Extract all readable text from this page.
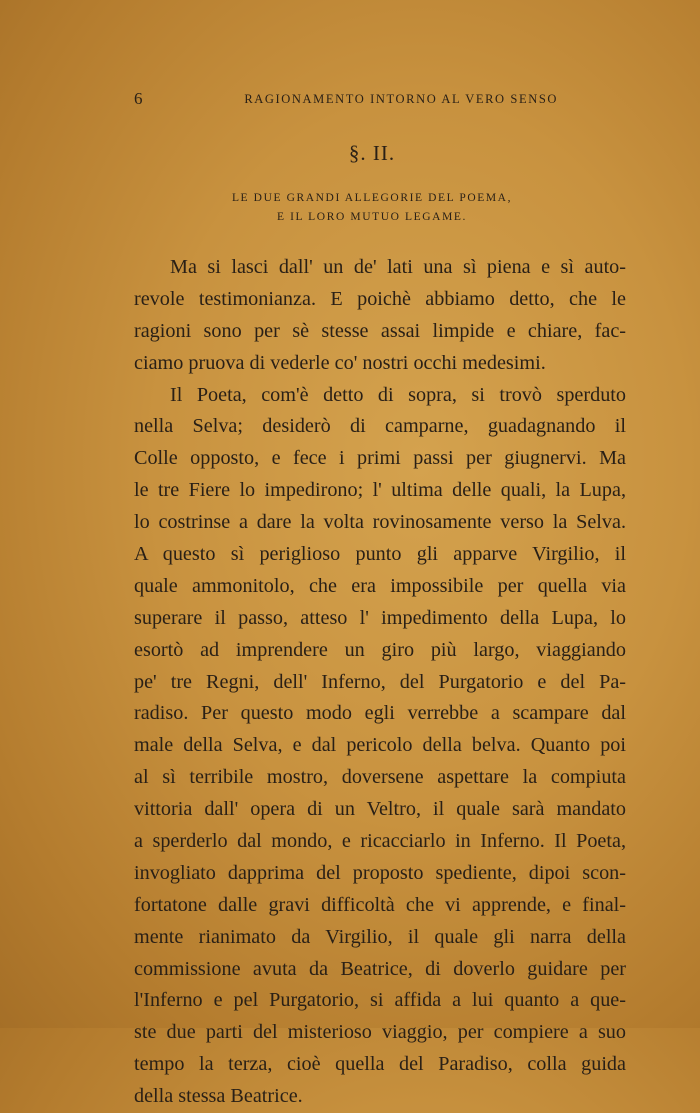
6	RAGIONAMENTO INTORNO AL VERO SENSO
§. II.
LE DUE GRANDI ALLEGORIE DEL POEMA,
E IL LORO MUTUO LEGAME.
Ma si lasci dall' un de' lati una sì piena e sì auto-
revole testimonianza. E poichè abbiamo detto, che le
ragioni sono per sè stesse assai limpide e chiare, fac-
ciamo pruova di vederle co' nostri occhi medesimi.
Il Poeta, com'è detto di sopra, si trovò sperduto
nella Selva; desiderò di camparne, guadagnando il
Colle opposto, e fece i primi passi per giugnervi. Ma
le tre Fiere lo impedirono; l' ultima delle quali, la Lupa,
lo costrinse a dare la volta rovinosamente verso la Selva.
A questo sì periglioso punto gli apparve Virgilio, il
quale ammonitolo, che era impossibile per quella via
superare il passo, atteso l' impedimento della Lupa, lo
esortò ad imprendere un giro più largo, viaggiando
pe' tre Regni, dell' Inferno, del Purgatorio e del Pa-
radiso. Per questo modo egli verrebbe a scampare dal
male della Selva, e dal pericolo della belva. Quanto poi
al sì terribile mostro, doversene aspettare la compiuta
vittoria dall' opera di un Veltro, il quale sarà mandato
a sperderlo dal mondo, e ricacciarlo in Inferno. Il Poeta,
invogliato dapprima del proposto spediente, dipoi scon-
fortatone dalle gravi difficoltà che vi apprende, e final-
mente rianimato da Virgilio, il quale gli narra della
commissione avuta da Beatrice, di doverlo guidare per
l'Inferno e pel Purgatorio, si affida a lui quanto a que-
ste due parti del misterioso viaggio, per compiere a suo
tempo la terza, cioè quella del Paradiso, colla guida
della stessa Beatrice.
